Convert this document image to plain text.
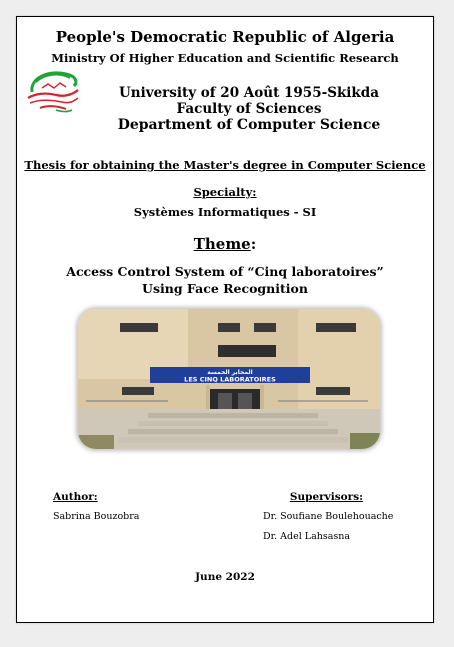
People's Democratic Republic of Algeria
Ministry Of Higher Education and Scientific Research
University of 20 Août 1955-Skikda
Faculty of Sciences
Department of Computer Science
Thesis for obtaining the Master's degree in Computer Science
Specialty:
Systèmes Informatiques - SI
Theme:
Access Control System of “Cinq laboratoires”
Using Face Recognition
المخابر الخمسة
LES CINQ LABORATOIRES
Author:
Sabrina Bouzobra
Supervisors:
Dr. Soufiane Boulehouache
Dr. Adel Lahsasna
June 2022
